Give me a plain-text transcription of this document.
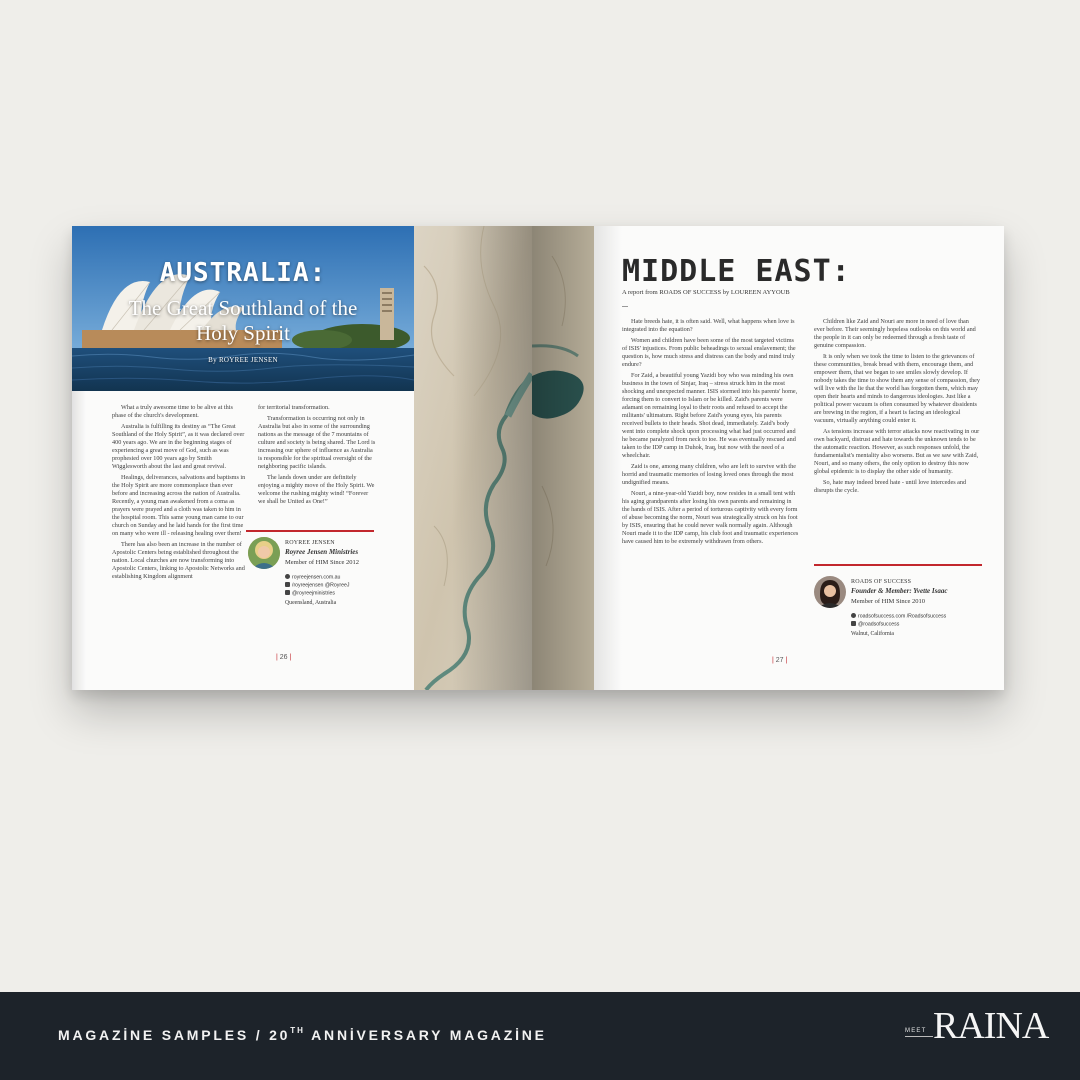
AUSTRALIA:
The Great Southland of the Holy Spirit
By ROYREE JENSEN

What a truly awesome time to be alive at this phase of the church's development.

Australia is fulfilling its destiny as “The Great Southland of the Holy Spirit”, as it was declared over 400 years ago. We are in the beginning stages of experiencing a great move of God, such as was prophesied over 100 years ago by Smith Wigglesworth about the last and great revival.

Healings, deliverances, salvations and baptisms in the Holy Spirit are more commonplace than ever before and increasing across the nation of Australia. Recently, a young man awakened from a coma as prayers were prayed and a cloth was taken to him in the hospital room. This same young man came to our church on Sunday and he laid hands for the first time on many who were ill - releasing healing over them!

There has also been an increase in the number of Apostolic Centers being established throughout the nation. Local churches are now transforming into Apostolic Centers, linking to Apostolic Networks and establishing Kingdom alignment

for territorial transformation.

Transformation is occurring not only in Australia but also in some of the surrounding nations as the message of the 7 mountains of culture and society is being shared. The Lord is increasing our sphere of influence as Australia is responsible for the spiritual oversight of the neighboring pacific islands.

The lands down under are definitely enjoying a mighty move of the Holy Spirit. We welcome the rushing mighty wind! “Forever we shall be United as One!”

ROYREE JENSEN
Royree Jensen Ministries
Member of HIM Since 2012
royreejensen.com.au
/royreejensen @RoyreeJ
@royreejministries
Queensland, Australia
| 26 |
MIDDLE EAST:
A report from ROADS OF SUCCESS by LOUREEN AYYOUB

Hate breeds hate, it is often said. Well, what happens when love is integrated into the equation?

Women and children have been some of the most targeted victims of ISIS' injustices. From public beheadings to sexual enslavement; the question is, how much stress and distress can the body and mind truly endure?

For Zaid, a beautiful young Yazidi boy who was minding his own business in the town of Sinjar, Iraq – stress struck him in the most shocking and unexpected manner. ISIS stormed into his parents' home, forcing them to convert to Islam or be killed. Zaid's parents were adamant on remaining loyal to their roots and refused to accept the militants' ultimatum. Right before Zaid's young eyes, his parents received bullets to their heads. Shot dead, immediately. Zaid's body went into complete shock upon processing what had just occurred and he became paralyzed from neck to toe. He was eventually rescued and taken to the IDP camp in Duhok, Iraq, but now with the need of a wheelchair.

Zaid is one, among many children, who are left to survive with the horrid and traumatic memories of losing loved ones through the most undignified means.

Nouri, a nine-year-old Yazidi boy, now resides in a small tent with his aging grandparents after losing his own parents and remaining in the hands of ISIS. After a period of torturous captivity with every form of abuse becoming the norm, Nouri was strategically struck on his foot by ISIS, ensuring that he could never walk normally again. Although Nouri made it to the IDP camp, his club foot and traumatic experiences have caused him to be extremely withdrawn from others.

Children like Zaid and Nouri are more in need of love than ever before. Their seemingly hopeless outlooks on this world and the people in it can only be redeemed through a fresh taste of genuine compassion.

It is only when we took the time to listen to the grievances of these communities, break bread with them, encourage them, and empower them, that we began to see smiles slowly develop. If nobody takes the time to show them any sense of compassion, they will live with the lie that the world has forgotten them, which may open their hearts and minds to dangerous ideologies. Just like a political power vacuum is often consumed by whatever dissidents are brewing in the region, if a heart is facing an ideological vacuum, virtually anything could enter it.

As tensions increase with terror attacks now reactivating in our own backyard, distrust and hate towards the unknown tends to be the automatic reaction. However, as such responses unfold, the fundamentalist's mentality also worsens. But as we saw with Zaid, Nouri, and so many others, the only option to destroy this now global epidemic is to display the other side of humanity.

So, hate may indeed breed hate - until love intercedes and disrupts the cycle.

ROADS OF SUCCESS
Founder & Member: Yvette Isaac
Member of HIM Since 2010
roadsofsuccess.com /Roadsofsuccess
@roadsofsuccess
Walnut, California
| 27 |
MAGAZİNE SAMPLES / 20TH ANNİVERSARY MAGAZİNE	MEET RAINA
